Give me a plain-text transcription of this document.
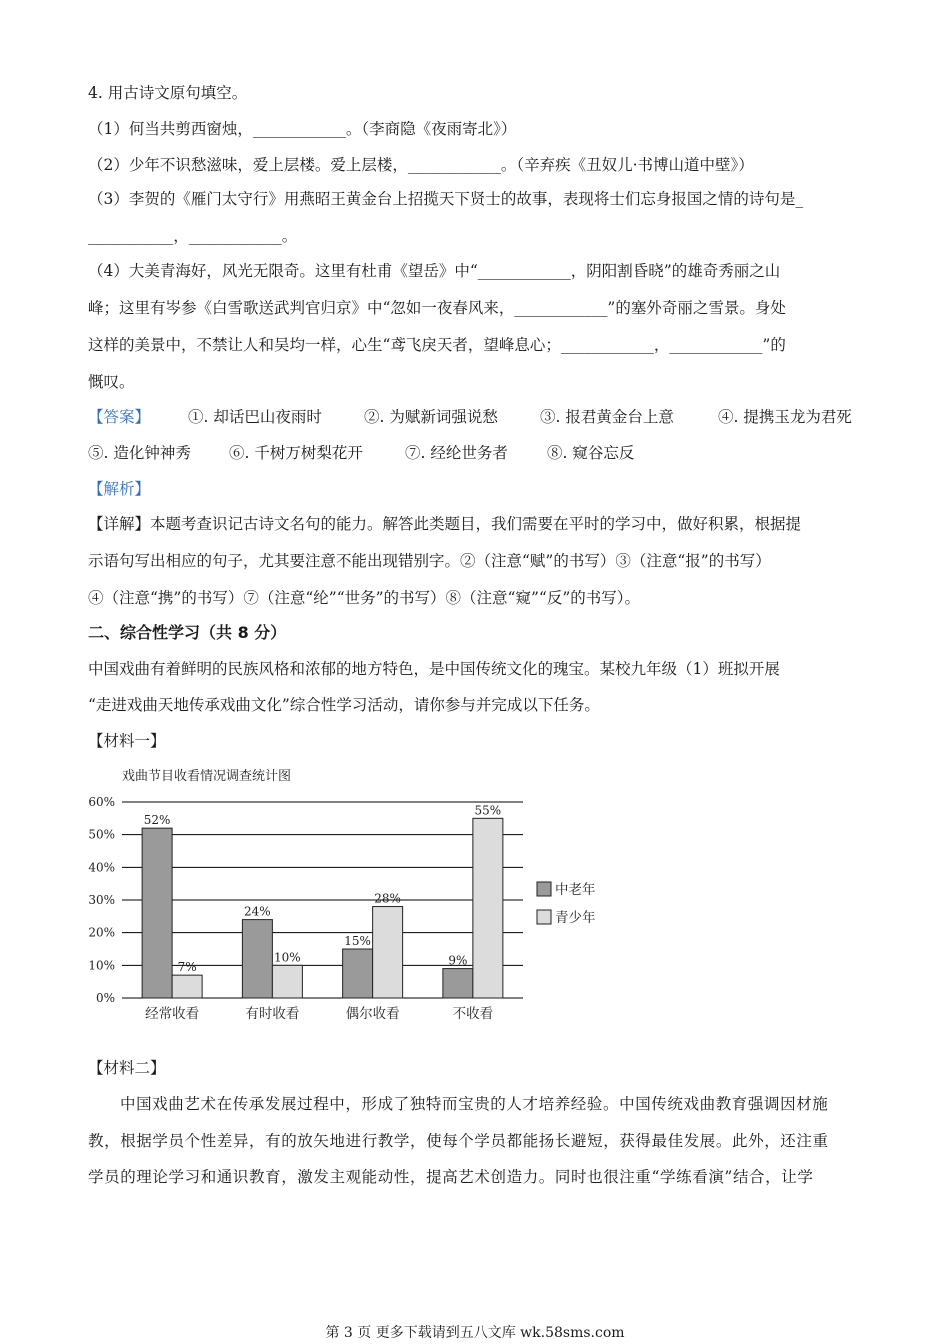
4. 用古诗文原句填空。
（1）何当共剪西窗烛，____________。（李商隐《夜雨寄北》）
（2）少年不识愁滋味，爱上层楼。爱上层楼，____________。（辛弃疾《丑奴儿·书博山道中壁》）
（3）李贺的《雁门太守行》用燕昭王黄金台上招揽天下贤士的故事，表现将士们忘身报国之情的诗句是_
___________，____________。
（4）大美青海好，风光无限奇。这里有杜甫《望岳》中“____________，阴阳割昏晓”的雄奇秀丽之山
峰；这里有岑参《白雪歌送武判官归京》中“忽如一夜春风来，____________”的塞外奇丽之雪景。身处
这样的美景中，不禁让人和吴均一样，心生“鸢飞戾天者，望峰息心；____________，____________”的
慨叹。
【答案】 ①. 却话巴山夜雨时	②. 为赋新词强说愁	③. 报君黄金台上意	④. 提携玉龙为君死
⑤. 造化钟神秀 ⑥. 千树万树梨花开	⑦. 经纶世务者	⑧. 窥谷忘反
【解析】
【详解】本题考查识记古诗文名句的能力。解答此类题目，我们需要在平时的学习中，做好积累，根据提
示语句写出相应的句子，尤其要注意不能出现错别字。②（注意“赋”的书写）③（注意“报”的书写）
④（注意“携”的书写）⑦（注意“纶”“世务”的书写）⑧（注意“窥”“反”的书写）。
二、综合性学习（共 8 分）
中国戏曲有着鲜明的民族风格和浓郁的地方特色，是中国传统文化的瑰宝。某校九年级（1）班拟开展
“走进戏曲天地传承戏曲文化”综合性学习活动，请你参与并完成以下任务。
【材料一】
戏曲节目收看情况调查统计图
0%
10%
20%
30%
40%
50%
60%
52%
7%
24%
10%
15%
28%
9%
55%
经常收看	有时收看	偶尔收看	不收看
中老年
青少年
【材料二】
中国戏曲艺术在传承发展过程中，形成了独特而宝贵的人才培养经验。中国传统戏曲教育强调因材施
教，根据学员个性差异，有的放矢地进行教学，使每个学员都能扬长避短，获得最佳发展。此外，还注重
学员的理论学习和通识教育，激发主观能动性，提高艺术创造力。同时也很注重“学练看演”结合，让学
第 3 页 更多下载请到五八文库 wk.58sms.com
